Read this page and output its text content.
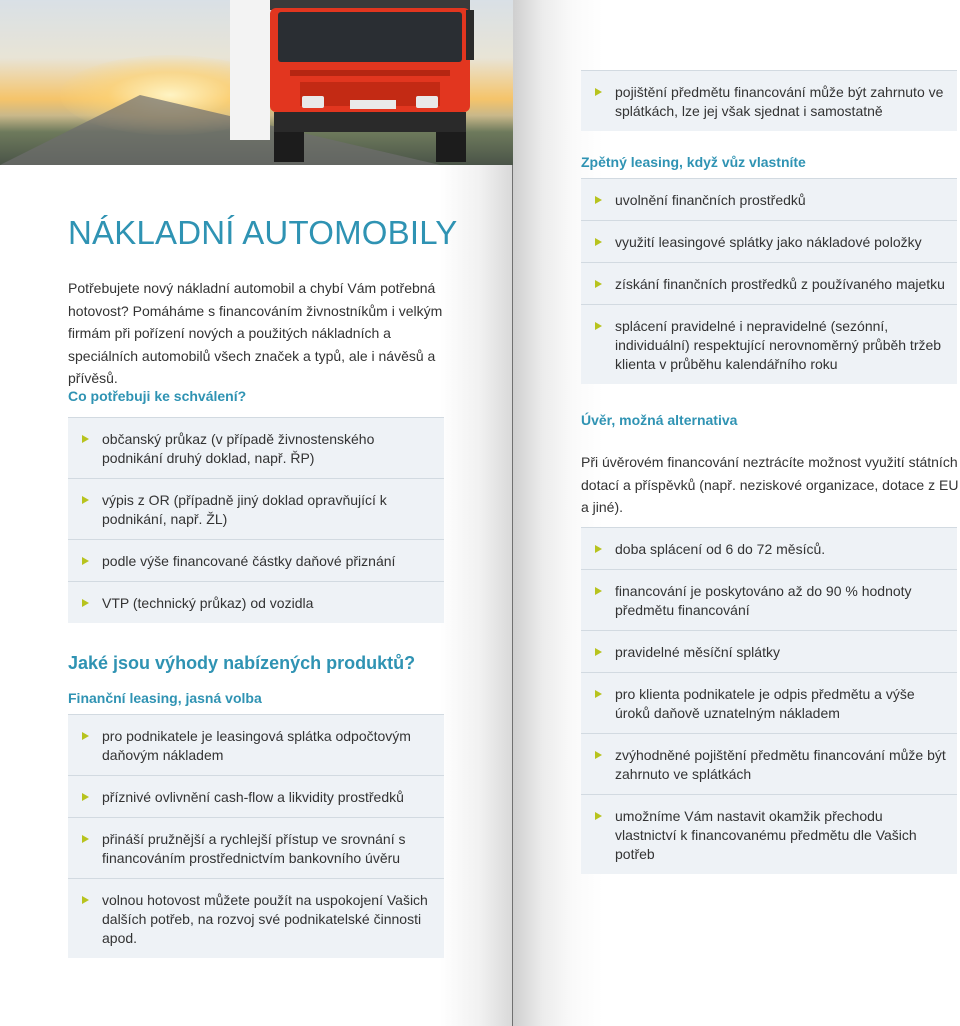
NÁKLADNÍ AUTOMOBILY

Potřebujete nový nákladní automobil a chybí Vám potřebná hotovost? Pomáháme s financováním živnostníkům i velkým firmám při pořízení nových a použitých nákladních a speciálních automobilů všech značek a typů, ale i návěsů a přívěsů.

Co potřebuji ke schválení?
občanský průkaz (v případě živnostenského podnikání druhý doklad, např. ŘP)
výpis z OR (případně jiný doklad opravňující k podnikání, např. ŽL)
podle výše financované částky daňové přiznání
VTP (technický průkaz) od vozidla
Jaké jsou výhody nabízených produktů?
Finanční leasing, jasná volba
pro podnikatele je leasingová splátka odpočtovým daňovým nákladem
příznivé ovlivnění cash-flow a likvidity prostředků
přináší pružnější a rychlejší přístup ve srovnání s financováním prostřednictvím bankovního úvěru
volnou hotovost můžete použít na uspokojení Vašich dalších potřeb, na rozvoj své podnikatelské činnosti apod.
pojištění předmětu financování může být zahrnuto ve splátkách, lze jej však sjednat i samostatně
Zpětný leasing, když vůz vlastníte
uvolnění finančních prostředků
využití leasingové splátky jako nákladové položky
získání finančních prostředků z používaného majetku
splácení pravidelné i nepravidelné (sezónní, individuální) respektující nerovnoměrný průběh tržeb klienta v průběhu kalendářního roku
Úvěr, možná alternativa

Při úvěrovém financování neztrácíte možnost využití státních dotací a příspěvků (např. neziskové organizace, dotace z EU a jiné).

doba splácení od 6 do 72 měsíců.
financování je poskytováno až do 90 % hodnoty předmětu financování
pravidelné měsíční splátky
pro klienta podnikatele je odpis předmětu a výše úroků daňově uznatelným nákladem
zvýhodněné pojištění předmětu financování může být zahrnuto ve splátkách
umožníme Vám nastavit okamžik přechodu vlastnictví k financovanému předmětu dle Vašich potřeb
